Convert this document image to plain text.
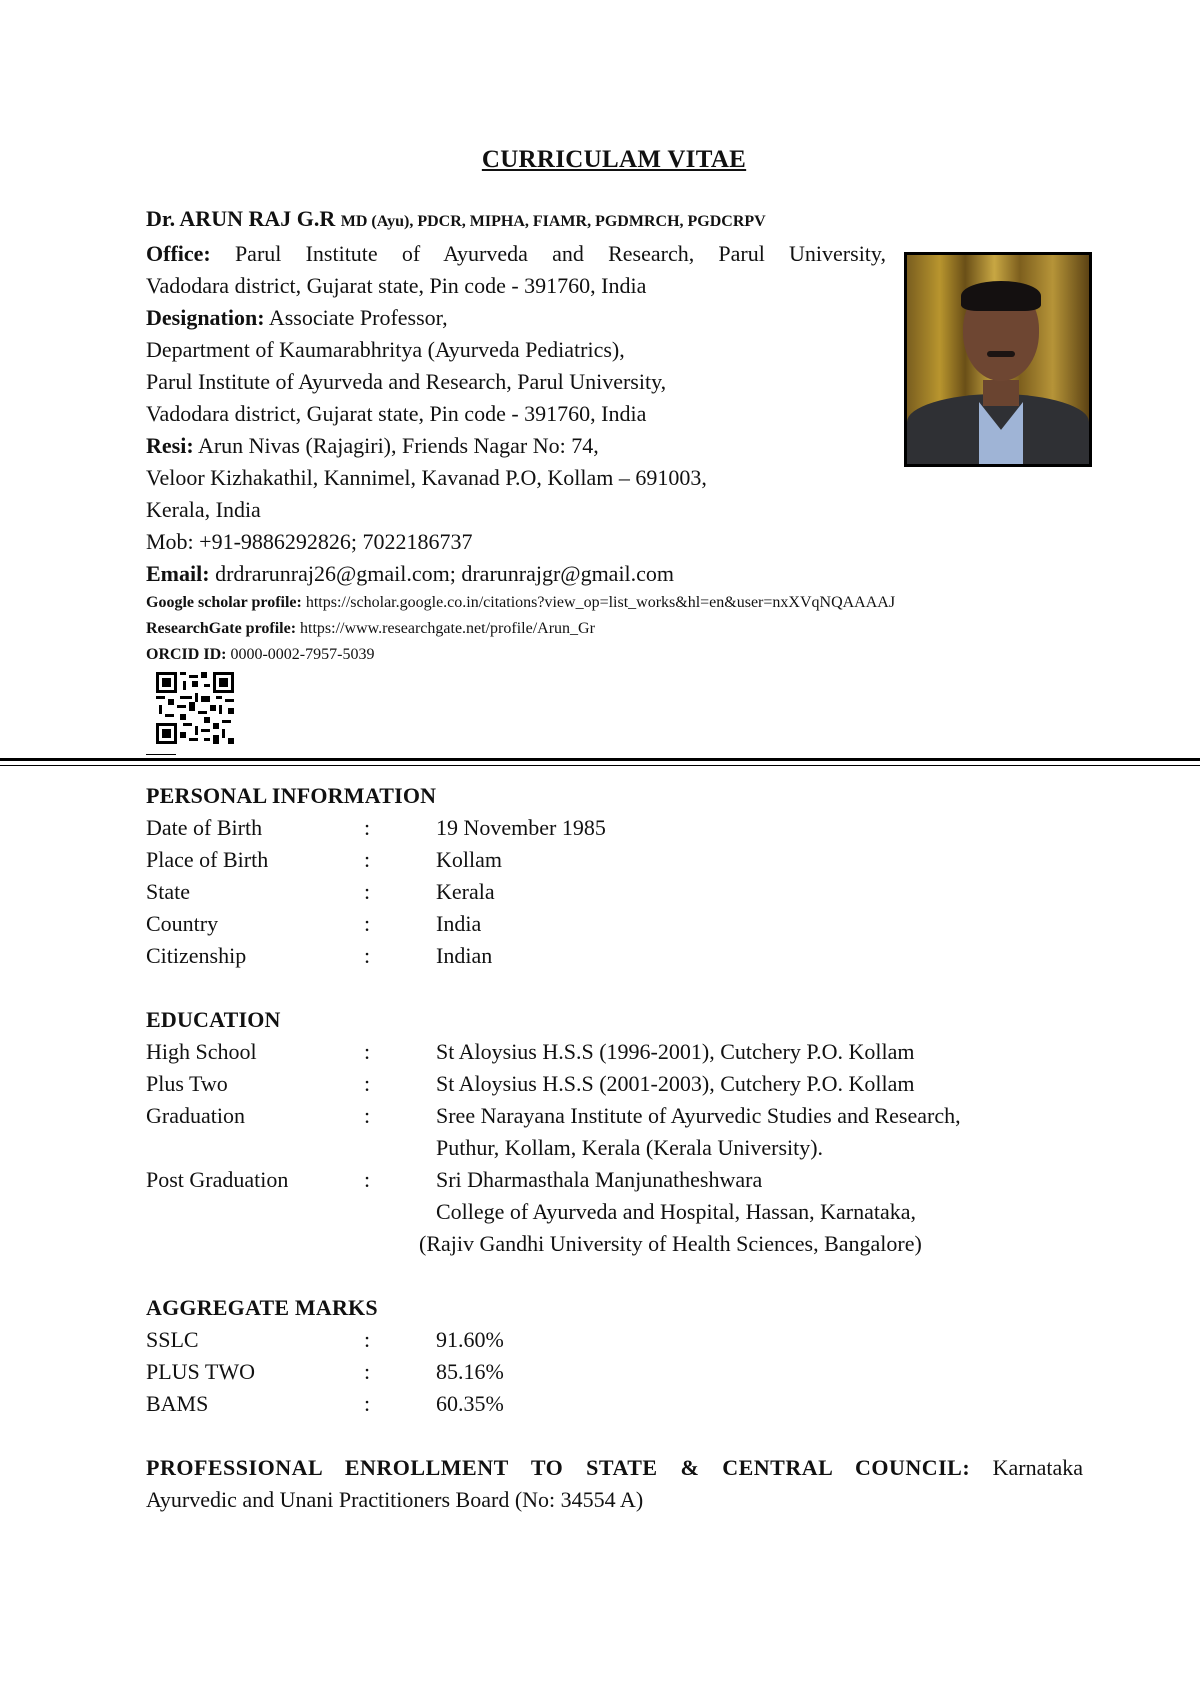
CURRICULAM VITAE
Dr. ARUN RAJ G.R MD (Ayu), PDCR, MIPHA, FIAMR, PGDMRCH, PGDCRPV
Office: Parul Institute of Ayurveda and Research, Parul University,
Vadodara district, Gujarat state, Pin code - 391760, India
Designation: Associate Professor,
Department of Kaumarabhritya (Ayurveda Pediatrics),
Parul Institute of Ayurveda and Research, Parul University,
Vadodara district, Gujarat state, Pin code - 391760, India
Resi: Arun Nivas (Rajagiri), Friends Nagar No: 74,
Veloor Kizhakathil, Kannimel, Kavanad P.O, Kollam – 691003,
Kerala, India
Mob: +91-9886292826; 7022186737
Email: drdrarunraj26@gmail.com; drarunrajgr@gmail.com
Google scholar profile: https://scholar.google.co.in/citations?view_op=list_works&hl=en&user=nxXVqNQAAAAJ
ResearchGate profile: https://www.researchgate.net/profile/Arun_Gr
ORCID ID: 0000-0002-7957-5039
PERSONAL INFORMATION
Date of Birth	:	19 November 1985
Place of Birth	:	Kollam
State	:	Kerala
Country	:	India
Citizenship	:	Indian
EDUCATION
High School	:	St Aloysius H.S.S (1996-2001), Cutchery P.O. Kollam
Plus Two	:	St Aloysius H.S.S (2001-2003), Cutchery P.O. Kollam
Graduation	:	Sree Narayana Institute of Ayurvedic Studies and Research,
Puthur, Kollam, Kerala (Kerala University).
Post Graduation	:	Sri Dharmasthala Manjunatheshwara
College of Ayurveda and Hospital, Hassan, Karnataka,
(Rajiv Gandhi University of Health Sciences, Bangalore)
AGGREGATE MARKS
SSLC	:	91.60%
PLUS TWO	:	85.16%
BAMS	:	60.35%
PROFESSIONAL ENROLLMENT TO STATE & CENTRAL COUNCIL: Karnataka
Ayurvedic and Unani Practitioners Board (No: 34554 A)
